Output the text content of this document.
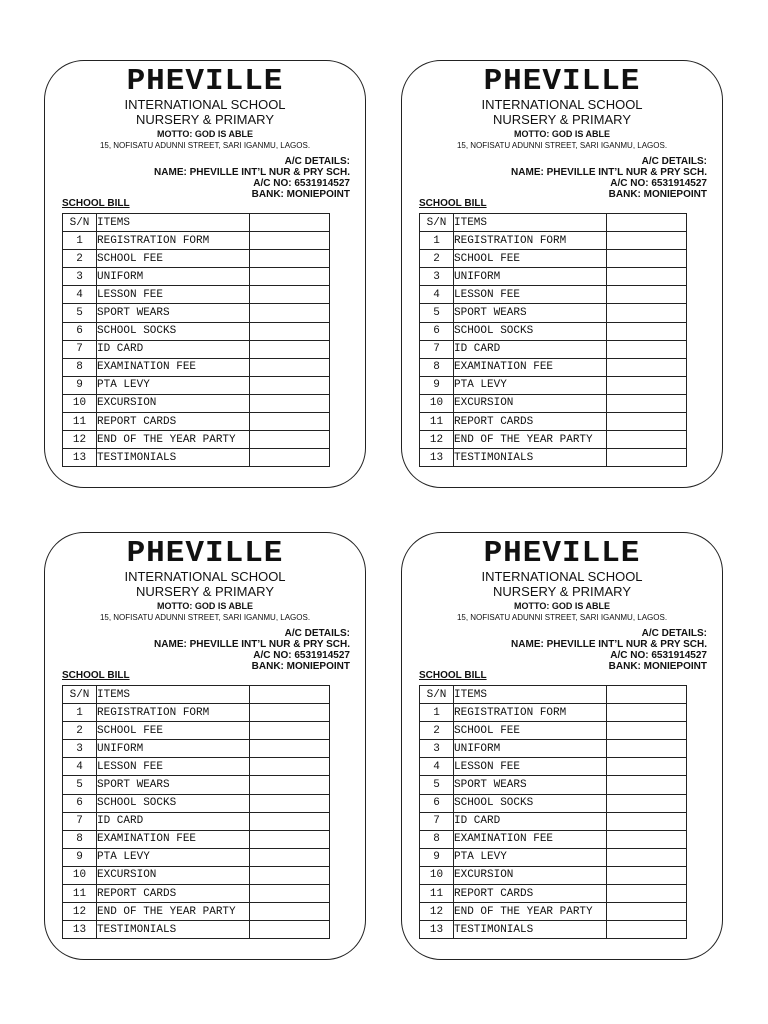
PHEVILLE
INTERNATIONAL SCHOOL
NURSERY & PRIMARY
MOTTO: GOD IS ABLE
15, NOFISATU ADUNNI STREET, SARI IGANMU, LAGOS.
A/C DETAILS:
NAME: PHEVILLE INT’L NUR & PRY SCH.
A/C NO: 6531914527
BANK: MONIEPOINT
SCHOOL BILL
S/N	ITEMS	
1	REGISTRATION FORM	
2	SCHOOL FEE	
3	UNIFORM	
4	LESSON FEE	
5	SPORT WEARS	
6	SCHOOL SOCKS	
7	ID CARD	
8	EXAMINATION FEE	
9	PTA LEVY	
10	EXCURSION	
11	REPORT CARDS	
12	END OF THE YEAR PARTY	
13	TESTIMONIALS	
PHEVILLE
INTERNATIONAL SCHOOL
NURSERY & PRIMARY
MOTTO: GOD IS ABLE
15, NOFISATU ADUNNI STREET, SARI IGANMU, LAGOS.
A/C DETAILS:
NAME: PHEVILLE INT’L NUR & PRY SCH.
A/C NO: 6531914527
BANK: MONIEPOINT
SCHOOL BILL
S/N	ITEMS	
1	REGISTRATION FORM	
2	SCHOOL FEE	
3	UNIFORM	
4	LESSON FEE	
5	SPORT WEARS	
6	SCHOOL SOCKS	
7	ID CARD	
8	EXAMINATION FEE	
9	PTA LEVY	
10	EXCURSION	
11	REPORT CARDS	
12	END OF THE YEAR PARTY	
13	TESTIMONIALS	
PHEVILLE
INTERNATIONAL SCHOOL
NURSERY & PRIMARY
MOTTO: GOD IS ABLE
15, NOFISATU ADUNNI STREET, SARI IGANMU, LAGOS.
A/C DETAILS:
NAME: PHEVILLE INT’L NUR & PRY SCH.
A/C NO: 6531914527
BANK: MONIEPOINT
SCHOOL BILL
S/N	ITEMS	
1	REGISTRATION FORM	
2	SCHOOL FEE	
3	UNIFORM	
4	LESSON FEE	
5	SPORT WEARS	
6	SCHOOL SOCKS	
7	ID CARD	
8	EXAMINATION FEE	
9	PTA LEVY	
10	EXCURSION	
11	REPORT CARDS	
12	END OF THE YEAR PARTY	
13	TESTIMONIALS	
PHEVILLE
INTERNATIONAL SCHOOL
NURSERY & PRIMARY
MOTTO: GOD IS ABLE
15, NOFISATU ADUNNI STREET, SARI IGANMU, LAGOS.
A/C DETAILS:
NAME: PHEVILLE INT’L NUR & PRY SCH.
A/C NO: 6531914527
BANK: MONIEPOINT
SCHOOL BILL
S/N	ITEMS	
1	REGISTRATION FORM	
2	SCHOOL FEE	
3	UNIFORM	
4	LESSON FEE	
5	SPORT WEARS	
6	SCHOOL SOCKS	
7	ID CARD	
8	EXAMINATION FEE	
9	PTA LEVY	
10	EXCURSION	
11	REPORT CARDS	
12	END OF THE YEAR PARTY	
13	TESTIMONIALS	
